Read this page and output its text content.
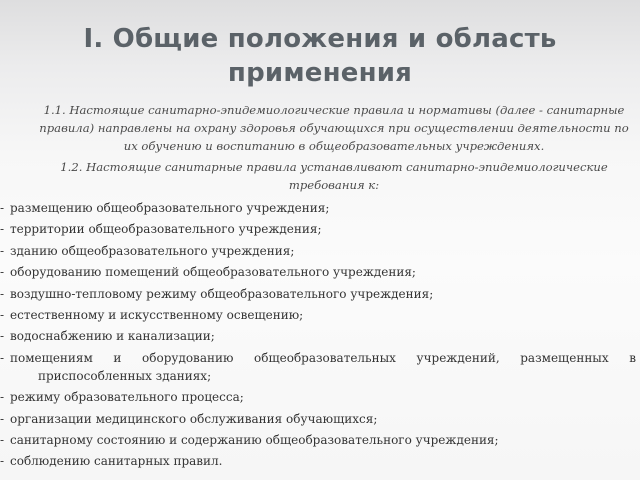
I. Общие положения и область применения

1.1. Настоящие санитарно-эпидемиологические правила и нормативы (далее - санитарные правила) направлены на охрану здоровья обучающихся при осуществлении деятельности по их обучению и воспитанию в общеобразовательных учреждениях.

1.2. Настоящие санитарные правила устанавливают санитарно-эпидемиологические требования к:

- размещению общеобразовательного учреждения;
- территории общеобразовательного учреждения;
- зданию общеобразовательного учреждения;
- оборудованию помещений общеобразовательного учреждения;
- воздушно-тепловому режиму общеобразовательного учреждения;
- естественному и искусственному освещению;
- водоснабжению и канализации;
- помещениям и оборудованию общеобразовательных учреждений, размещенных в приспособленных зданиях;
- режиму образовательного процесса;
- организации медицинского обслуживания обучающихся;
- санитарному состоянию и содержанию общеобразовательного учреждения;
- соблюдению санитарных правил.
